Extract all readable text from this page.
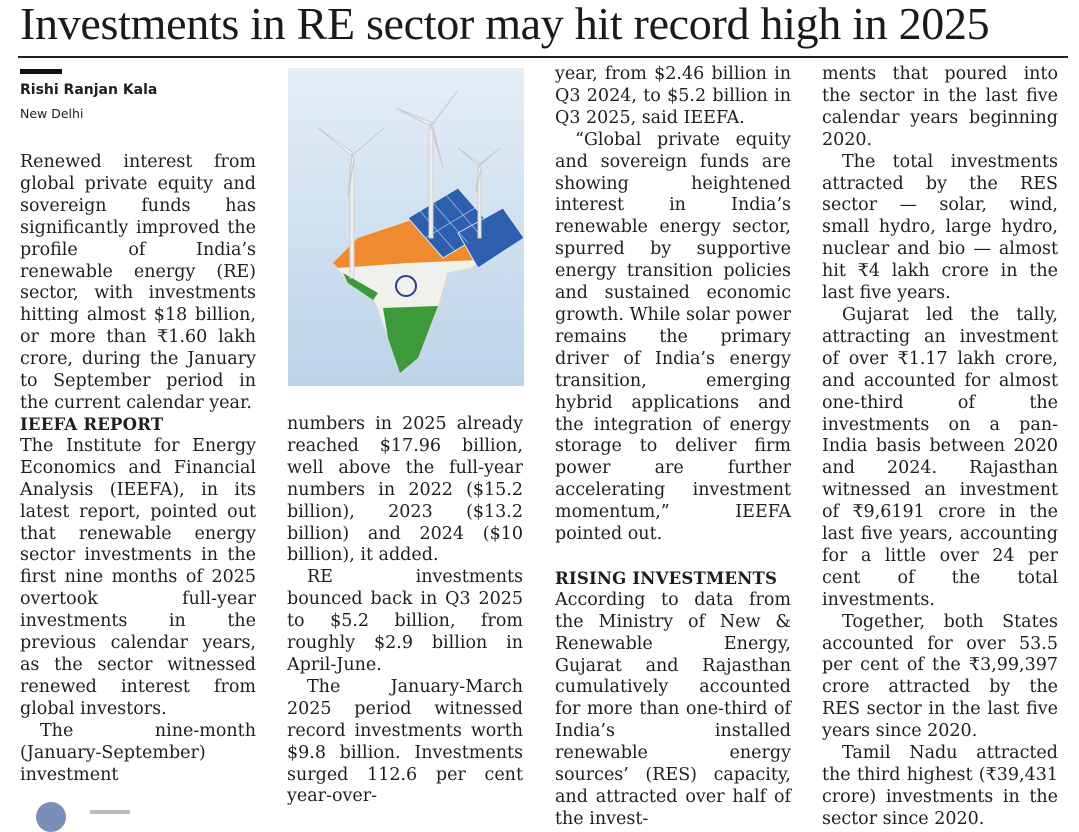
Investments in RE sector may hit record high in 2025
Rishi Ranjan Kala
New Delhi

Renewed interest from global private equity and sovereign funds has significantly improved the profile of India’s renewable energy (RE) sector, with investments hitting almost $18 billion, or more than ₹1.60 lakh crore, during the January to September period in the current calendar year.

IEEFA REPORT

The Institute for Energy Economics and Financial Analysis (IEEFA), in its latest report, pointed out that renewable energy sector investments in the first nine months of 2025 overtook full-year investments in the previous calendar years, as the sector witnessed renewed interest from global investors.

The nine-month (January-September) investment

numbers in 2025 already reached $17.96 billion, well above the full-year numbers in 2022 ($15.2 billion), 2023 ($13.2 billion) and 2024 ($10 billion), it added.

RE investments bounced back in Q3 2025 to $5.2 billion, from roughly $2.9 billion in April-June.

The January-March 2025 period witnessed record investments worth $9.8 billion. Investments surged 112.6 per cent year-over-

year, from $2.46 billion in Q3 2024, to $5.2 billion in Q3 2025, said IEEFA.

“Global private equity and sovereign funds are showing heightened interest in India’s renewable energy sector, spurred by supportive energy transition policies and sustained economic growth. While solar power remains the primary driver of India’s energy transition, emerging hybrid applications and the integration of energy storage to deliver firm power are further accelerating investment momentum,” IEEFA pointed out.

RISING INVESTMENTS

According to data from the Ministry of New & Renewable Energy, Gujarat and Rajasthan cumulatively accounted for more than one-third of India’s installed renewable energy sources’ (RES) capacity, and attracted over half of the invest-

ments that poured into the sector in the last five calendar years beginning 2020.

The total investments attracted by the RES sector — solar, wind, small hydro, large hydro, nuclear and bio — almost hit ₹4 lakh crore in the last five years.

Gujarat led the tally, attracting an investment of over ₹1.17 lakh crore, and accounted for almost one-third of the investments on a pan-India basis between 2020 and 2024. Rajasthan witnessed an investment of ₹9,6191 crore in the last five years, accounting for a little over 24 per cent of the total investments.

Together, both States accounted for over 53.5 per cent of the ₹3,99,397 crore attracted by the RES sector in the last five years since 2020.

Tamil Nadu attracted the third highest (₹39,431 crore) investments in the sector since 2020.
